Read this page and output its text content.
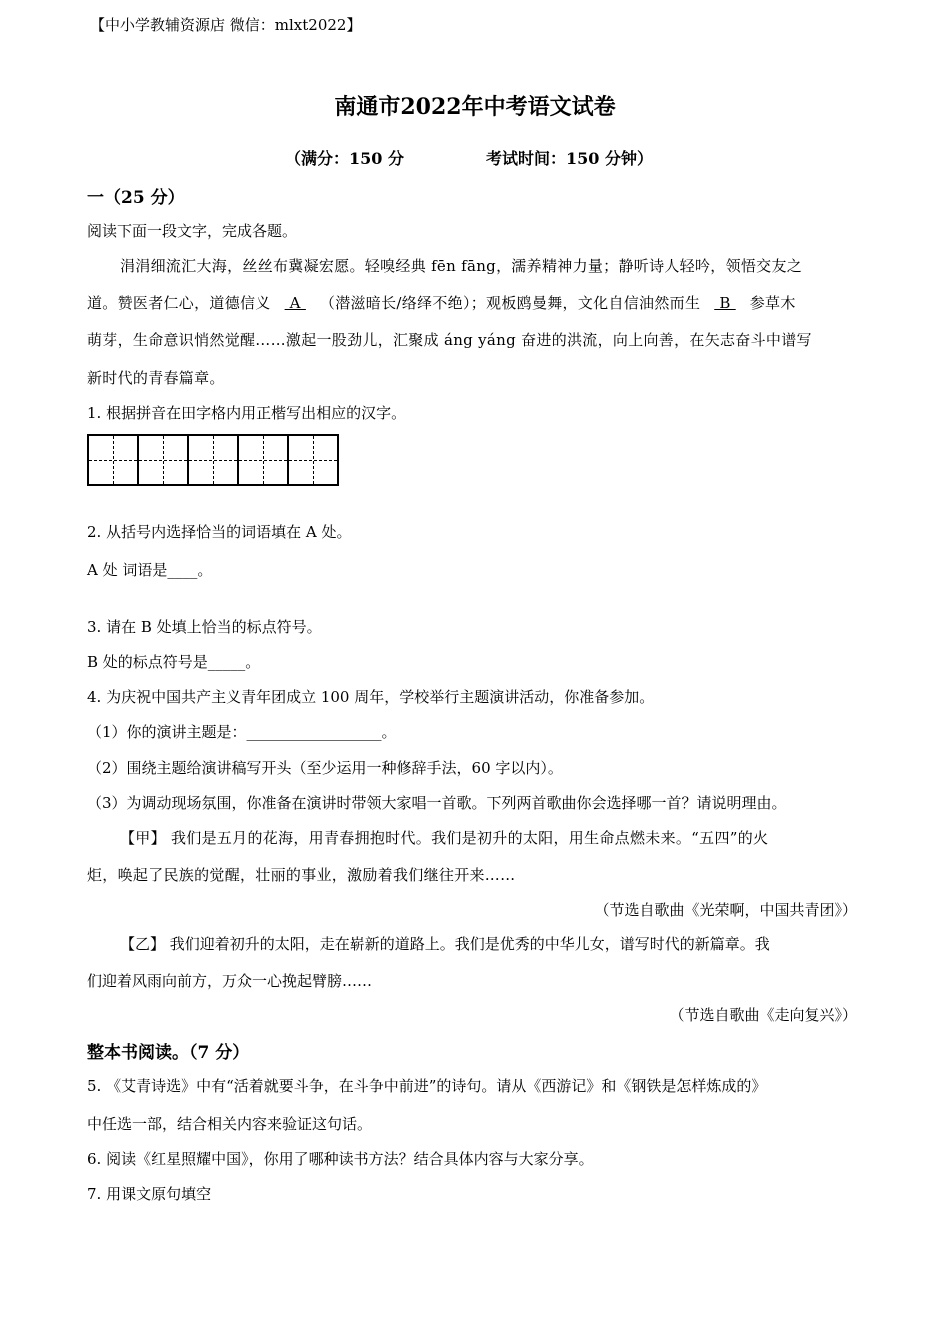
【中小学教辅资源店 微信：mlxt2022】
南通市2022年中考语文试卷
（满分：150 分	考试时间：150 分钟）
一（25 分）
阅读下面一段文字，完成各题。
涓涓细流汇大海，丝丝布冀凝宏愿。轻嗅经典 fēn fāng，濡养精神力量；静听诗人轻吟，领悟交友之
道。赞医者仁心，道德信义 A （潜滋暗长/络绎不绝）；观板鸥曼舞，文化自信油然而生 B 参草木
萌芽，生命意识悄然觉醒……激起一股劲儿，汇聚成 áng yáng 奋进的洪流，向上向善，在矢志奋斗中谱写
新时代的青春篇章。
1. 根据拼音在田字格内用正楷写出相应的汉字。
2. 从括号内选择恰当的词语填在 A 处。
A 处 词语是____。
3. 请在 B 处填上恰当的标点符号。
B 处的标点符号是_____。
4. 为庆祝中国共产主义青年团成立 100 周年，学校举行主题演讲活动，你准备参加。
（1）你的演讲主题是：__________________。
（2）围绕主题给演讲稿写开头（至少运用一种修辞手法，60 字以内）。
（3）为调动现场氛围，你准备在演讲时带领大家唱一首歌。下列两首歌曲你会选择哪一首？请说明理由。
【甲】 我们是五月的花海，用青春拥抱时代。我们是初升的太阳，用生命点燃未来。“五四”的火
炬，唤起了民族的觉醒，壮丽的事业，激励着我们继往开来……
（节选自歌曲《光荣啊，中国共青团》）
【乙】 我们迎着初升的太阳，走在崭新的道路上。我们是优秀的中华儿女，谱写时代的新篇章。我
们迎着风雨向前方，万众一心挽起臂膀……
（节选自歌曲《走向复兴》）
整本书阅读。（7 分）
5. 《艾青诗选》中有“活着就要斗争，在斗争中前进”的诗句。请从《西游记》和《钢铁是怎样炼成的》
中任选一部，结合相关内容来验证这句话。
6. 阅读《红星照耀中国》，你用了哪种读书方法？结合具体内容与大家分享。
7. 用课文原句填空
